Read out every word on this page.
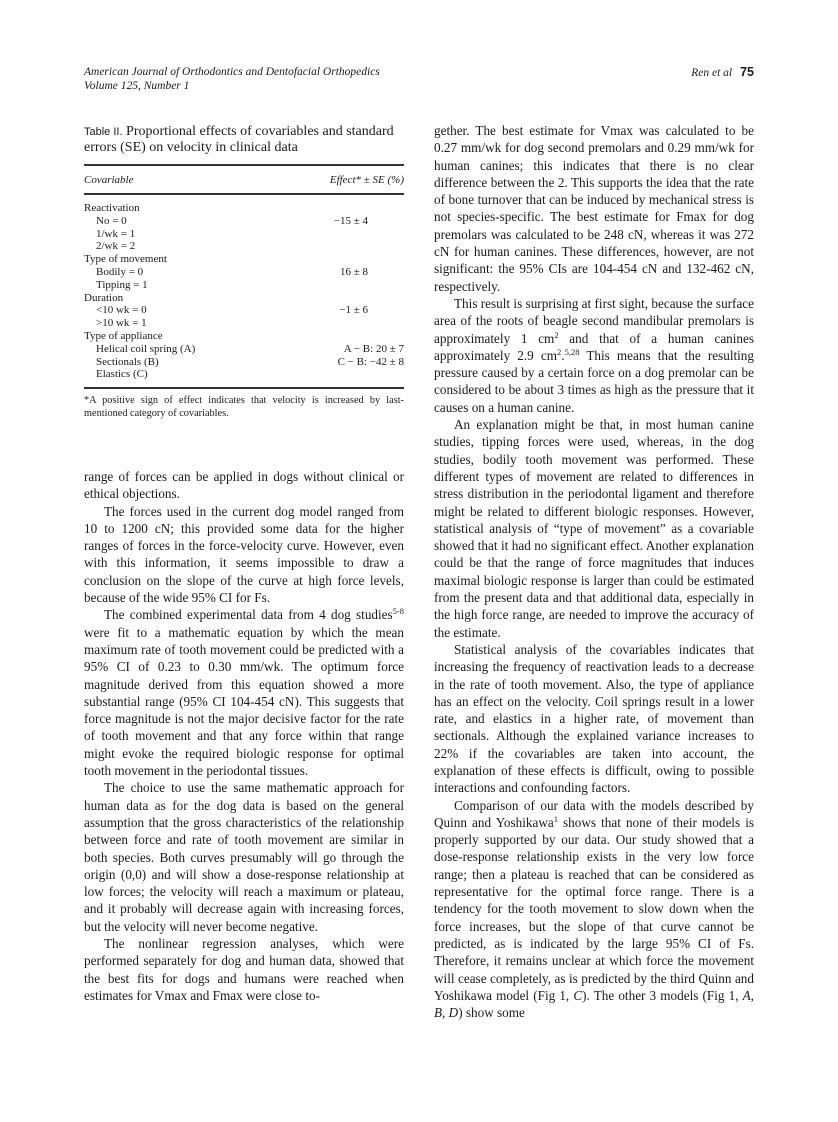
American Journal of Orthodontics and Dentofacial Orthopedics
Volume 125, Number 1
Ren et al 75
Table II. Proportional effects of covariables and standard errors (SE) on velocity in clinical data
Covariable	Effect* ± SE (%)
Reactivation
No = 0	−15 ± 4
1/wk = 1
2/wk = 2
Type of movement
Bodily = 0	16 ± 8
Tipping = 1
Duration
<10 wk = 0	−1 ± 6
>10 wk = 1
Type of appliance
Helical coil spring (A)	A − B: 20 ± 7
Sectionals (B)	C − B: −42 ± 8
Elastics (C)
*A positive sign of effect indicates that velocity is increased by last-mentioned category of covariables.

range of forces can be applied in dogs without clinical or ethical objections.

The forces used in the current dog model ranged from 10 to 1200 cN; this provided some data for the higher ranges of forces in the force-velocity curve. However, even with this information, it seems impossible to draw a conclusion on the slope of the curve at high force levels, because of the wide 95% CI for Fs.

The combined experimental data from 4 dog studies$^{5-8}$ were fit to a mathematic equation by which the mean maximum rate of tooth movement could be predicted with a 95% CI of 0.23 to 0.30 mm/wk. The optimum force magnitude derived from this equation showed a more substantial range (95% CI 104-454 cN). This suggests that force magnitude is not the major decisive factor for the rate of tooth movement and that any force within that range might evoke the required biologic response for optimal tooth movement in the periodontal tissues.

The choice to use the same mathematic approach for human data as for the dog data is based on the general assumption that the gross characteristics of the relationship between force and rate of tooth movement are similar in both species. Both curves presumably will go through the origin (0,0) and will show a dose-response relationship at low forces; the velocity will reach a maximum or plateau, and it probably will decrease again with increasing forces, but the velocity will never become negative.

The nonlinear regression analyses, which were performed separately for dog and human data, showed that the best fits for dogs and humans were reached when estimates for Vmax and Fmax were close to-

gether. The best estimate for Vmax was calculated to be 0.27 mm/wk for dog second premolars and 0.29 mm/wk for human canines; this indicates that there is no clear difference between the 2. This supports the idea that the rate of bone turnover that can be induced by mechanical stress is not species-specific. The best estimate for Fmax for dog premolars was calculated to be 248 cN, whereas it was 272 cN for human canines. These differences, however, are not significant: the 95% CIs are 104-454 cN and 132-462 cN, respectively.

This result is surprising at first sight, because the surface area of the roots of beagle second mandibular premolars is approximately 1 $cm^2$ and that of a human canines approximately 2.9 $cm^2.^{5,28}$ This means that the resulting pressure caused by a certain force on a dog premolar can be considered to be about 3 times as high as the pressure that it causes on a human canine.

An explanation might be that, in most human canine studies, tipping forces were used, whereas, in the dog studies, bodily tooth movement was performed. These different types of movement are related to differences in stress distribution in the periodontal ligament and therefore might be related to different biologic responses. However, statistical analysis of “type of movement” as a covariable showed that it had no significant effect. Another explanation could be that the range of force magnitudes that induces maximal biologic response is larger than could be estimated from the present data and that additional data, especially in the high force range, are needed to improve the accuracy of the estimate.

Statistical analysis of the covariables indicates that increasing the frequency of reactivation leads to a decrease in the rate of tooth movement. Also, the type of appliance has an effect on the velocity. Coil springs result in a lower rate, and elastics in a higher rate, of movement than sectionals. Although the explained variance increases to 22% if the covariables are taken into account, the explanation of these effects is difficult, owing to possible interactions and confounding factors.

Comparison of our data with the models described by Quinn and Yoshikawa$^1$ shows that none of their models is properly supported by our data. Our study showed that a dose-response relationship exists in the very low force range; then a plateau is reached that can be considered as representative for the optimal force range. There is a tendency for the tooth movement to slow down when the force increases, but the slope of that curve cannot be predicted, as is indicated by the large 95% CI of Fs. Therefore, it remains unclear at which force the movement will cease completely, as is predicted by the third Quinn and Yoshikawa model (Fig 1, C). The other 3 models (Fig 1, A, B, D) show some
